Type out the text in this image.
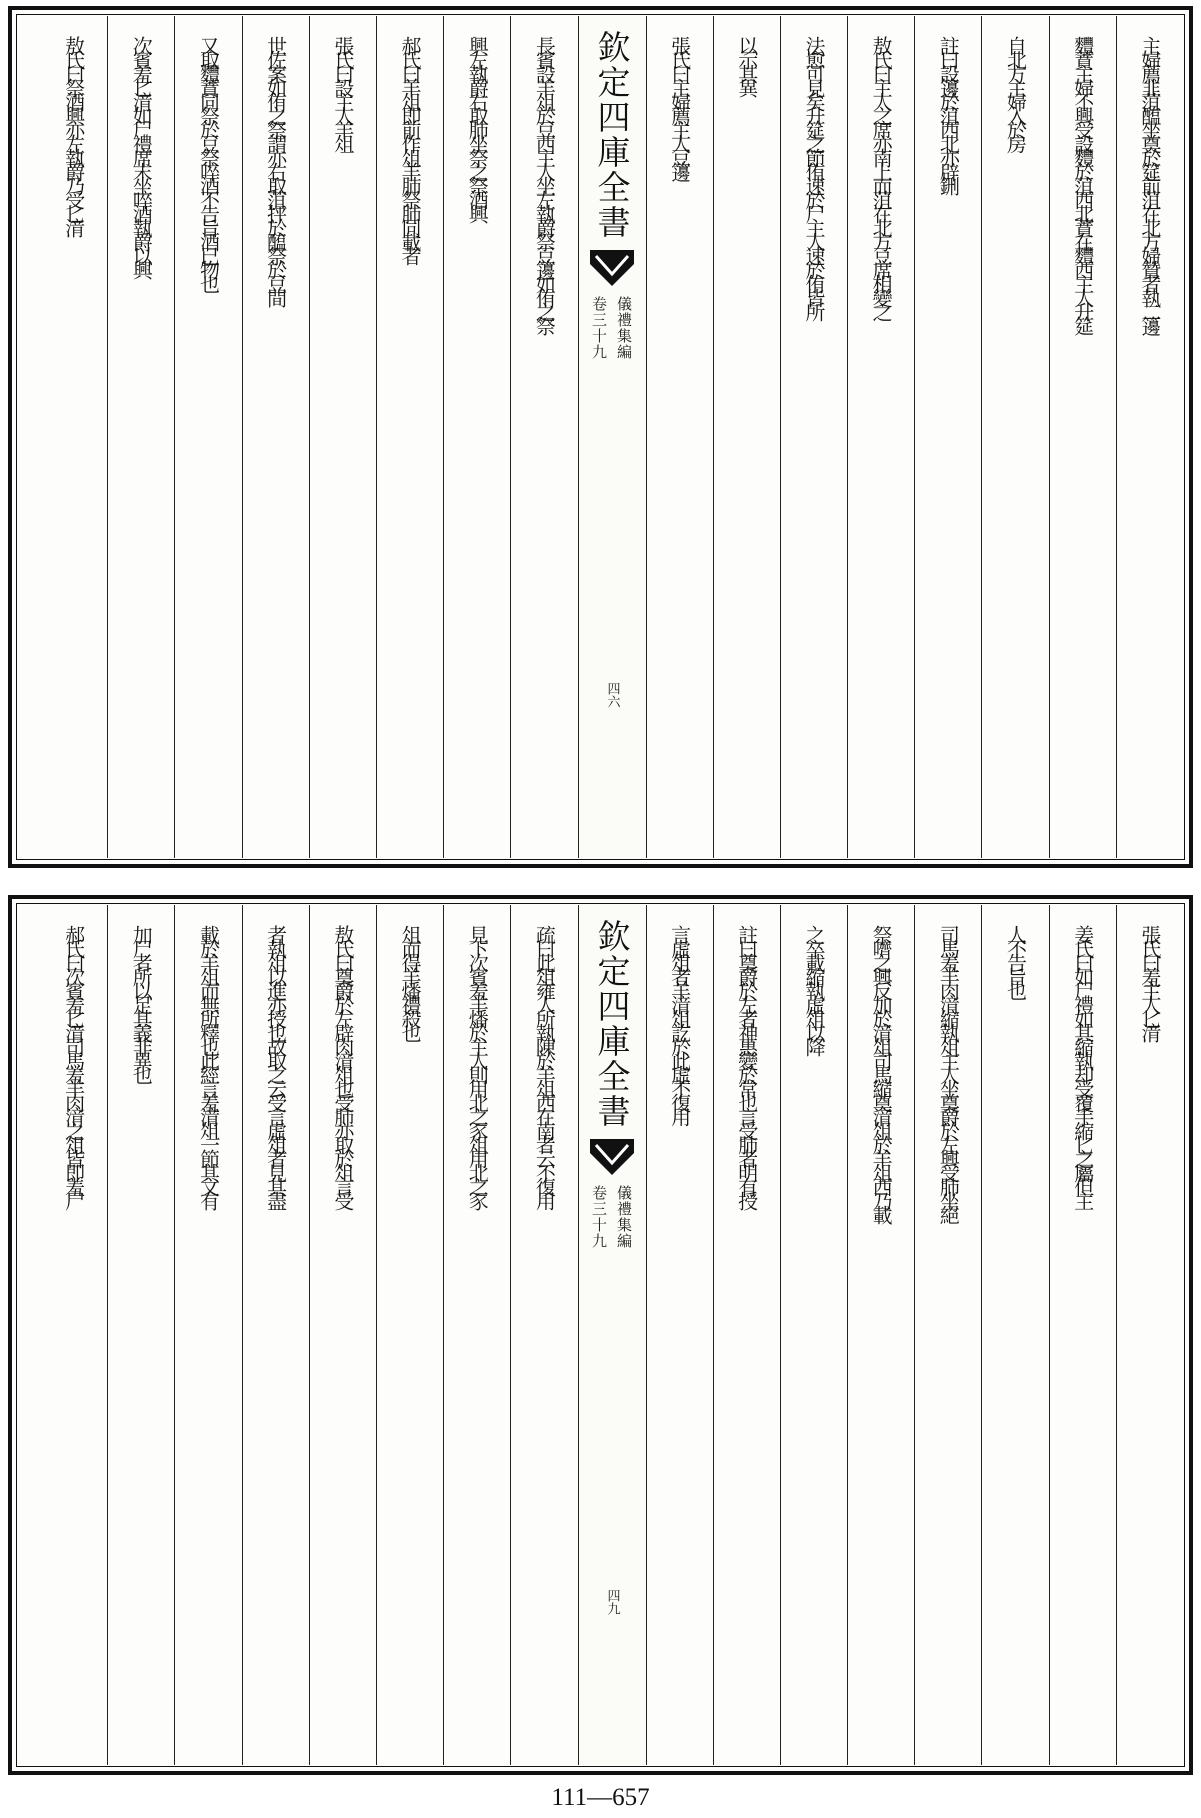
主婦薦韭菹醢坐奠於筵前菹在北方婦贊者執二籩
麷蕡主婦不興受設麷於菹西北蕡在麷西主人升筵
自北方主婦入於房
註曰設籩於菹西北亦辟鉶
敖氏曰主人之席亦南上而菹在北方豆席相變之
法愈可見矣升筵之節侑速於尸主人速於侑皆所
以示其異
張氏曰主婦薦主人豆籩
欽定四庫全書
儀禮集編
卷三十九
四六
長賓設羊俎於豆西主人坐左執爵祭豆籩如侑之祭
興左執爵右取肺坐祭之祭酒興
郝氏曰羊俎即前作俎羊肺祭肺同載者
張氏曰設主人羊俎
世佐案如侑之祭謂亦右取菹抨於醢祭於豆間
又取麷蕡同祭於豆祭啐酒不告旨酒已物也
次賓羞匕湇如尸禮席末坐啐酒執爵以興
敖氏曰祭酒興亦左執爵乃受匕湇
張氏曰羞主人匕湇
姜氏曰如尸禮如其縮執却受覆手縮匕之屬但主
人不告旨也
司馬羞羊肉湇縮執俎主人坐奠爵於左興受肺坐絕
祭嚌之興反加於湇俎司馬縮奠湇俎於羊俎西乃載
之卒載縮執虛俎以降
註曰奠爵於左者神惠變於常也言受肺者明有授
言虛俎者羊湇俎訖於此虛不復用
欽定四庫全書
儀禮集編
卷三十九
四九
疏曰此俎雍人所執陳於羊俎西在南者云不復用
見下次賓羞羊燔於主人則用北之豕俎用北之豕
俎而得羊燔禮殺也
敖氏曰奠爵於左辟肉湇俎也受肺亦取於俎言受
者執俎以進亦授也故取之云受言虛俎者見其盡
載於羊俎而無所釋也此經言羞湇俎一節其文有
加尸者所以足其義非異也
郝氏曰次賓羞匕湇司馬羞羊肉湇之俎皆即羞尸
111—657
